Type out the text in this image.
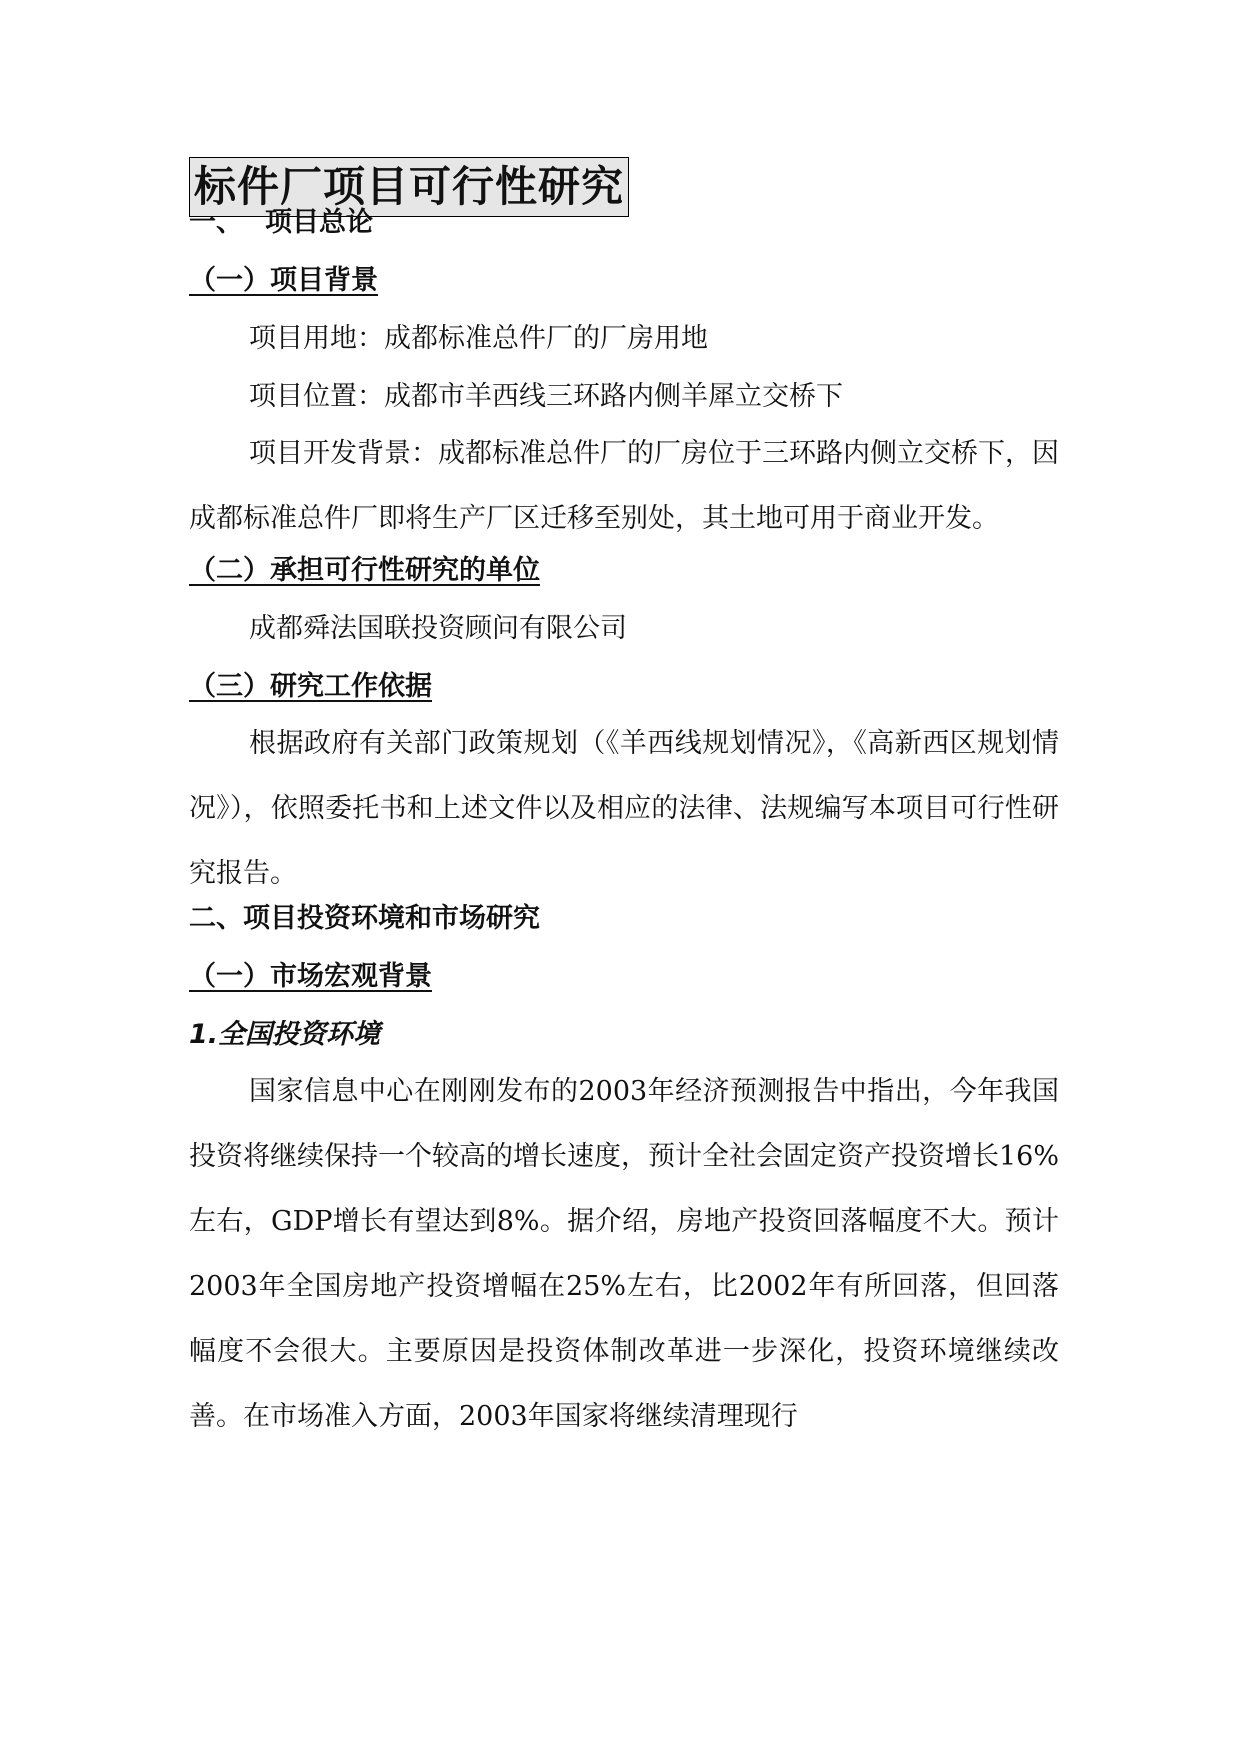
标件厂项目可行性研究
一、 项目总论
（一）项目背景
项目用地：成都标准总件厂的厂房用地
项目位置：成都市羊西线三环路内侧羊犀立交桥下
项目开发背景：成都标准总件厂的厂房位于三环路内侧立交桥下，因成都标准总件厂即将生产厂区迁移至别处，其土地可用于商业开发。
（二）承担可行性研究的单位
成都舜法国联投资顾问有限公司
（三）研究工作依据
根据政府有关部门政策规划（《羊西线规划情况》，《高新西区规划情况》），依照委托书和上述文件以及相应的法律、法规编写本项目可行性研究报告。
二、项目投资环境和市场研究
（一）市场宏观背景
1.全国投资环境
国家信息中心在刚刚发布的2003年经济预测报告中指出，今年我国投资将继续保持一个较高的增长速度，预计全社会固定资产投资增长16%左右，GDP增长有望达到8%。据介绍，房地产投资回落幅度不大。预计2003年全国房地产投资增幅在25%左右，比2002年有所回落，但回落幅度不会很大。主要原因是投资体制改革进一步深化，投资环境继续改善。在市场准入方面，2003年国家将继续清理现行
